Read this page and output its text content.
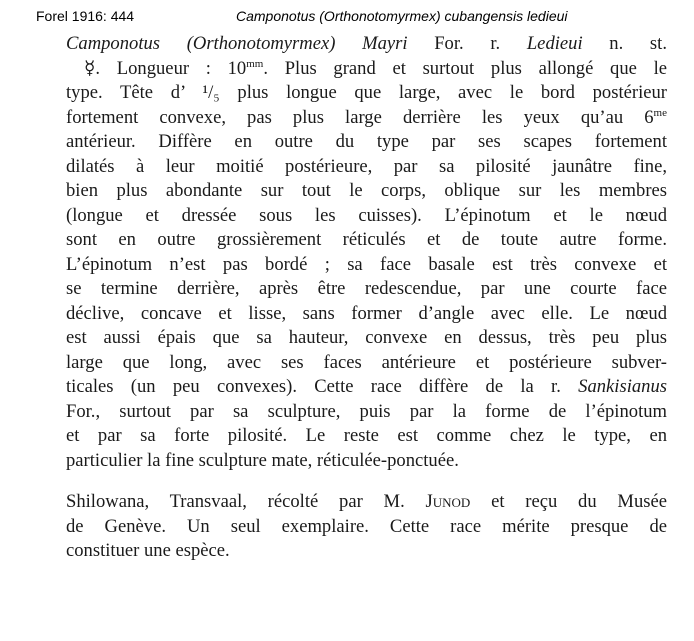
Forel 1916: 444	Camponotus (Orthonotomyrmex) cubangensis ledieui
Camponotus (Orthonotomyrmex) Mayri For. r. Ledieui n. st.
☿. Longueur : $10^{mm}$. Plus grand et surtout plus allongé que le
type. Tête d’ ¹/₅ plus longue que large, avec le bord postérieur
fortement convexe, pas plus large derrière les yeux qu’au $6^{me}$
antérieur. Diffère en outre du type par ses scapes fortement
dilatés à leur moitié postérieure, par sa pilosité jaunâtre fine,
bien plus abondante sur tout le corps, oblique sur les membres
(longue et dressée sous les cuisses). L’épinotum et le nœud
sont en outre grossièrement réticulés et de toute autre forme.
L’épinotum n’est pas bordé ; sa face basale est très convexe et
se termine derrière, après être redescendue, par une courte face
déclive, concave et lisse, sans former d’angle avec elle. Le nœud
est aussi épais que sa hauteur, convexe en dessus, très peu plus
large que long, avec ses faces antérieure et postérieure subver-
ticales (un peu convexes). Cette race diffère de la r. Sankisianus
For., surtout par sa sculpture, puis par la forme de l’épinotum
et par sa forte pilosité. Le reste est comme chez le type, en
particulier la fine sculpture mate, réticulée-ponctuée.
Shilowana, Transvaal, récolté par M. Junod et reçu du Musée
de Genève. Un seul exemplaire. Cette race mérite presque de
constituer une espèce.
